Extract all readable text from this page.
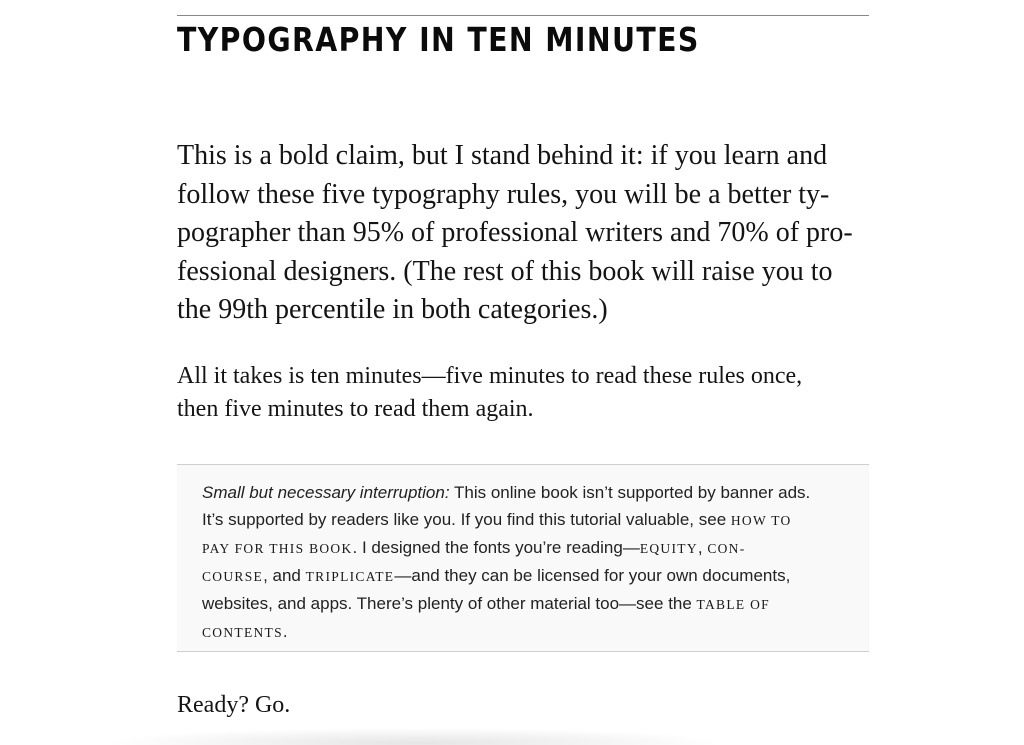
TYPOGRAPHY IN TEN MINUTES

This is a bold claim, but I stand behind it: if you learn and
follow these five typography rules, you will be a better ty-
pographer than 95% of professional writers and 70% of pro-
fessional designers. (The rest of this book will raise you to
the 99th percentile in both categories.)

All it takes is ten minutes—five minutes to read these rules once,
then five minutes to read them again.

Small but necessary interruption: This online book isn’t supported by banner ads.
It’s supported by readers like you. If you find this tutorial valuable, see HOW TO
PAY FOR THIS BOOK. I designed the fonts you’re reading—EQUITY, CON-
COURSE, and TRIPLICATE—and they can be licensed for your own documents,
websites, and apps. There’s plenty of other material too—see the TABLE OF
CONTENTS.

Ready? Go.
